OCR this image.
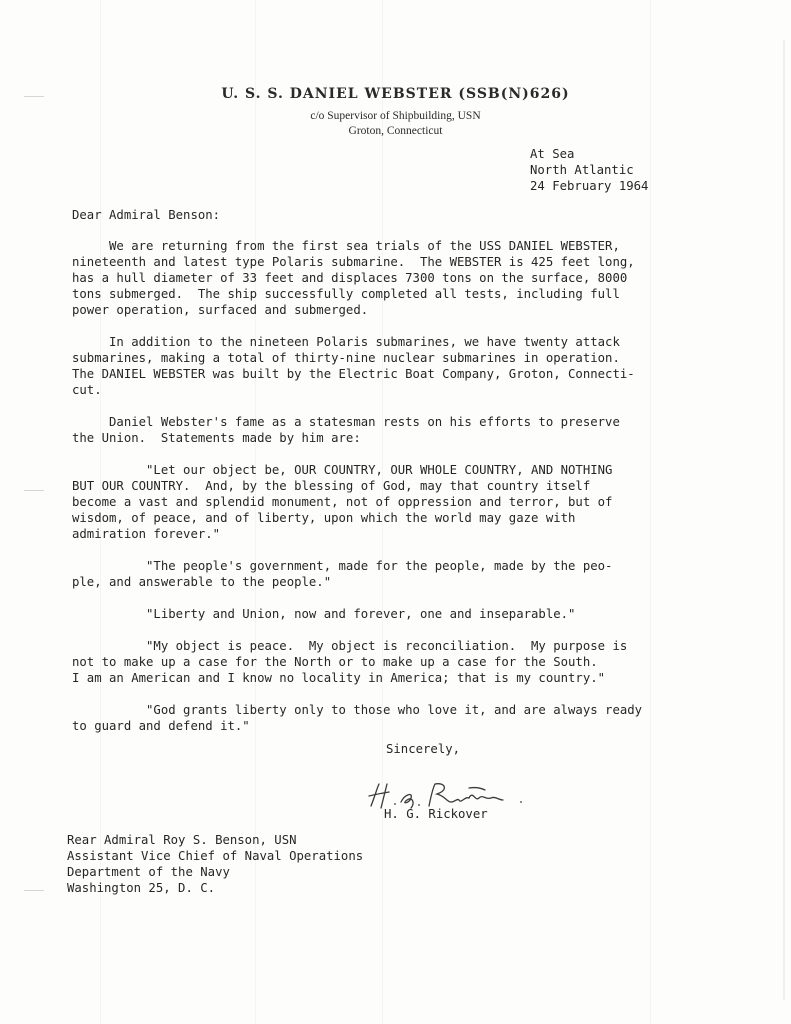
U. S. S. DANIEL WEBSTER (SSB(N)626)
c/o Supervisor of Shipbuilding, USN
Groton, Connecticut
At Sea
North Atlantic
24 February 1964
Dear Admiral Benson:
We are returning from the first sea trials of the USS DANIEL WEBSTER,
nineteenth and latest type Polaris submarine.  The WEBSTER is 425 feet long,
has a hull diameter of 33 feet and displaces 7300 tons on the surface, 8000
tons submerged.  The ship successfully completed all tests, including full
power operation, surfaced and submerged.

In addition to the nineteen Polaris submarines, we have twenty attack
submarines, making a total of thirty-nine nuclear submarines in operation.
The DANIEL WEBSTER was built by the Electric Boat Company, Groton, Connecti-
cut.

Daniel Webster's fame as a statesman rests on his efforts to preserve
the Union.  Statements made by him are:

"Let our object be, OUR COUNTRY, OUR WHOLE COUNTRY, AND NOTHING
BUT OUR COUNTRY.  And, by the blessing of God, may that country itself
become a vast and splendid monument, not of oppression and terror, but of
wisdom, of peace, and of liberty, upon which the world may gaze with
admiration forever."

"The people's government, made for the people, made by the peo-
ple, and answerable to the people."

"Liberty and Union, now and forever, one and inseparable."

"My object is peace.  My object is reconciliation.  My purpose is
not to make up a case for the North or to make up a case for the South.
I am an American and I know no locality in America; that is my country."

"God grants liberty only to those who love it, and are always ready
to guard and defend it."
Sincerely,
H. G. Rickover
Rear Admiral Roy S. Benson, USN
Assistant Vice Chief of Naval Operations
Department of the Navy
Washington 25, D. C.
